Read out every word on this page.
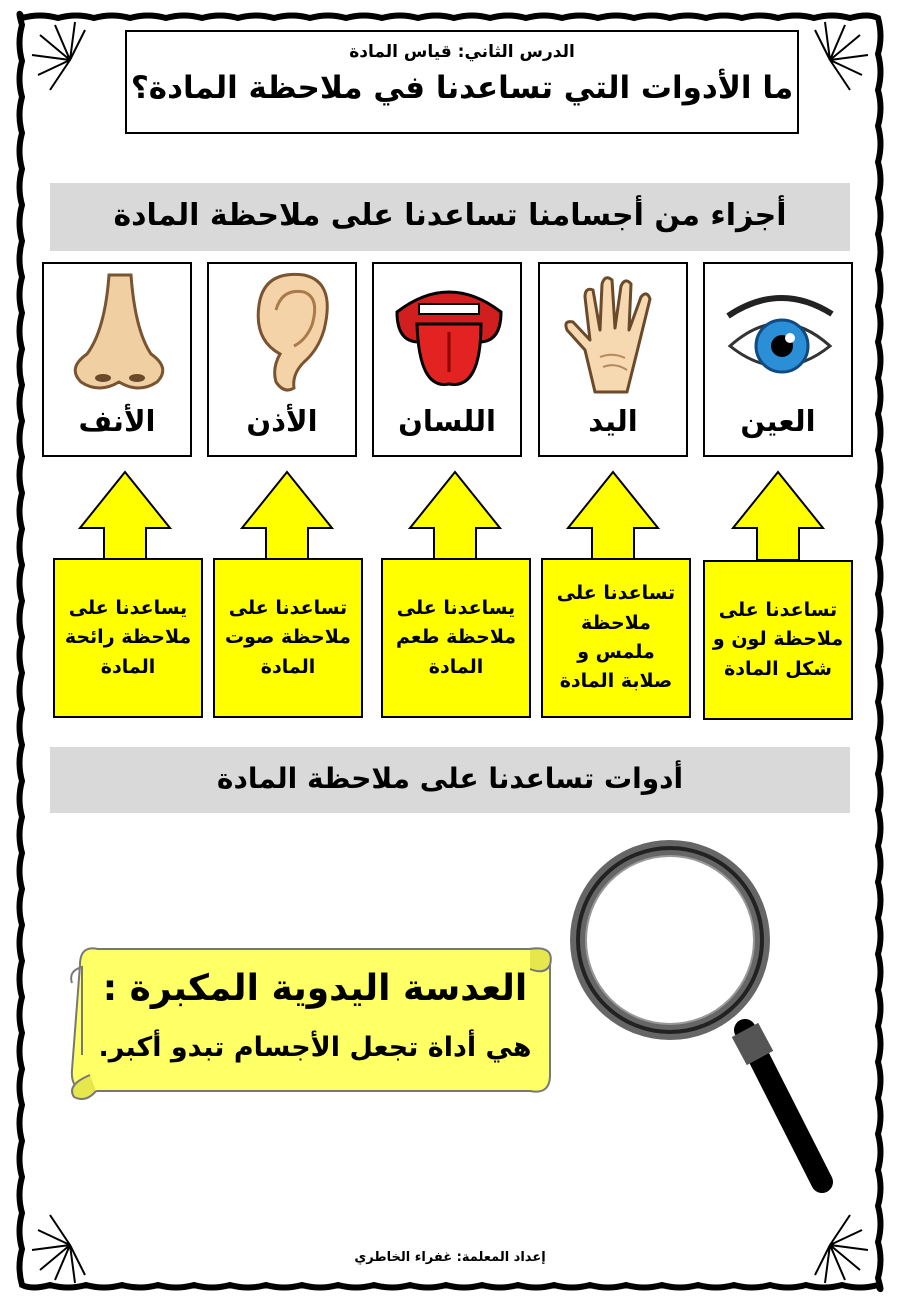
الدرس الثاني: قياس المادة
ما الأدوات التي تساعدنا في ملاحظة المادة؟
أجزاء من أجسامنا تساعدنا على ملاحظة المادة
العين
اليد
اللسان
الأذن
الأنف
تساعدنا على ملاحظة لون و شكل المادة
تساعدنا على ملاحظة ملمس و صلابة المادة
يساعدنا على ملاحظة طعم المادة
تساعدنا على ملاحظة صوت المادة
يساعدنا على ملاحظة رائحة المادة
أدوات تساعدنا على ملاحظة المادة
العدسة اليدوية المكبرة :
هي أداة تجعل الأجسام تبدو أكبر.
إعداد المعلمة: غفراء الخاطري
